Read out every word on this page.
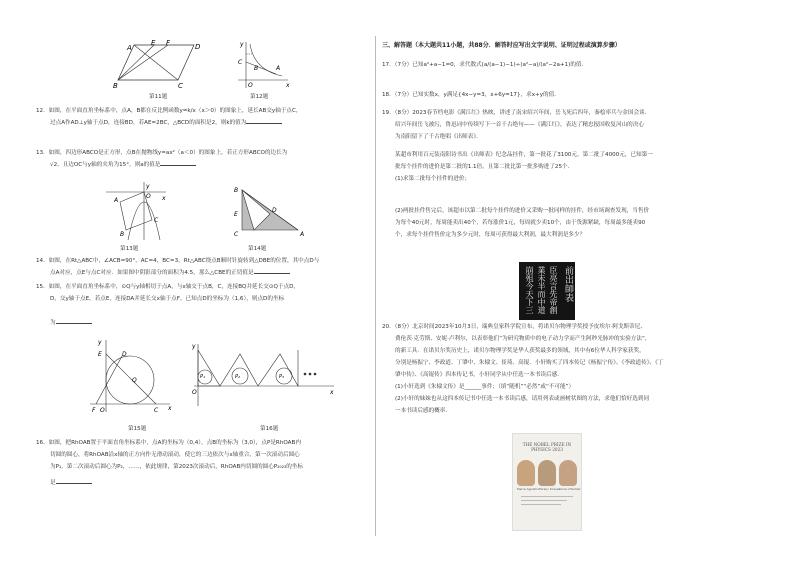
A
E F	D
B	C
第11题
y
C
B	A
x
O
第12题
12．如图，在平面直角坐标系中，点A，B都在反比例函数y=k/x（x＞0）的图象上，延长AB交y轴于点C，
过点A作AD⊥y轴于点D，连接BD，若AE=2BC，△BCD的面积是2，则k的值为
13．如图，四边形ABCO是正方形，点B在抛物线y=ax²（a＜0）的图象上，若正方形ABCO的边长为
√2，且边OC与y轴的夹角为15°，则a的值是
y
A
B
O
C
x
第13题
B
D
E
A
C
第14题
14．如图，在Rt△ABC中，∠ACB=90°，AC=4，BC=3，Rt△ABC绕点B顺时针旋转到△DBE的位置，其中点D与
点A对应，点E与点C对应．如果图中阴影部分的面积为4.5，那么△CBE的正切值是
15．如图，在平面直角坐标系中，⊙Q与y轴相切于点A，与x轴交于点B，C，连接BQ并延长交⊙Q于点D，
D，交y轴于点E，若点E，连接DA并延长交x轴于点F，已知点D的坐标为（1,6），则点D的坐标
为
y
E	D
Q
F O	C x
第15题
y
P₁	P₂	P₃
O	x
第16题
16．如图，把RhOAB置于平面直角坐标系中，点A的坐标为（0,4），点B的坐标为（3,0），点P是RhOAB内
切圆的圆心，将RhOAB沿x轴的正方向作无滑动滚动，使它的三边依次与x轴重合，第一次滚动后圆心
为P₁，第二次滚动后圆心为P₂，……，依此规律，第2023次滚动后，RhOAB内切圆的圆心P₂₀₂₃的坐标
是
三、解答题（本大题共11小题，共88分．解答时应写出文字说明、证明过程或演算步骤）
17．（7分）已知a²+a−1=0，求代数式(a/(a−1)−1)÷(a²−a)/(a²−2a+1)的值．
18．（7分）已知实数x，y满足{4x−y=3，x+6y=17}，求x+y的值．
19．（8分）2023春节档电影《满江红》热映，讲述了南宋绍兴年间，岳飞死后四年，秦桧率兵与金国会谈．
绍兴年间岳飞被污，鲁迅词中传续写下一首千古绝句——《满江红》，表达了精忠报国收复河山的决心
为南阳留下了千古绝唱《出师表》．
某超市利用百元装南阳诗书出《出师表》纪念品挂件，第一批花了3100元，第二批了4000元，已知第一
批每个挂件的进价是第二批的1.1倍，且第二批比第一批多购进了25个．
(1)求第二批每个挂件的进价；
(2)两批挂件售完后，该超市以第二批每个挂件的进价又采购一批同样的挂件，经市场调查发现，当售价
为每个40元时，每周能卖出40个，若每涨价1元，每周就少卖10个，由于货源紧缺，每周最多能卖90
个，求每个挂件售价定为多少元时，每周可获得最大利润，最大利润是多少？
前出師表
臣亮言先帝創
業未半而中道
崩殂今天下三
20．（8分）北京时间2023年10月3日，瑞典皇家科学院宣布，将诺贝尔物理学奖授予皮埃尔·阿戈斯蒂尼、
费伦茨·克劳斯、安妮·卢利尔，以表彰他们“为研究物质中的电子动力学而产生阿秒光脉冲的实验方法”，
的新工具．在诺贝尔奖历史上，诺贝尔物理学奖是华人获奖最多的领域，其中有6位华人科学家获奖，
分别是杨振宁、李政道、丁肇中、朱棣文、崔琦、高锟．小轩购买了四本传记《杨振宁传》、《李政道传》、《丁
肇中传》、《高锟传》四本传记书，小轩同学从中任选一本书读后感．
(1)小轩选到《朱棣文传》是______事件；（填“随机”“必然”或“不可能”）
(2)小轩的妹妹也从这四本传记书中任选一本书读后感，请用列表或画树状图的方法，求他们恰好选到同
一本书读后感的概率．
THE NOBEL PRIZE IN PHYSICS 2023
Pierre Agostini Ferenc Krausz
Anne L'Huillier
